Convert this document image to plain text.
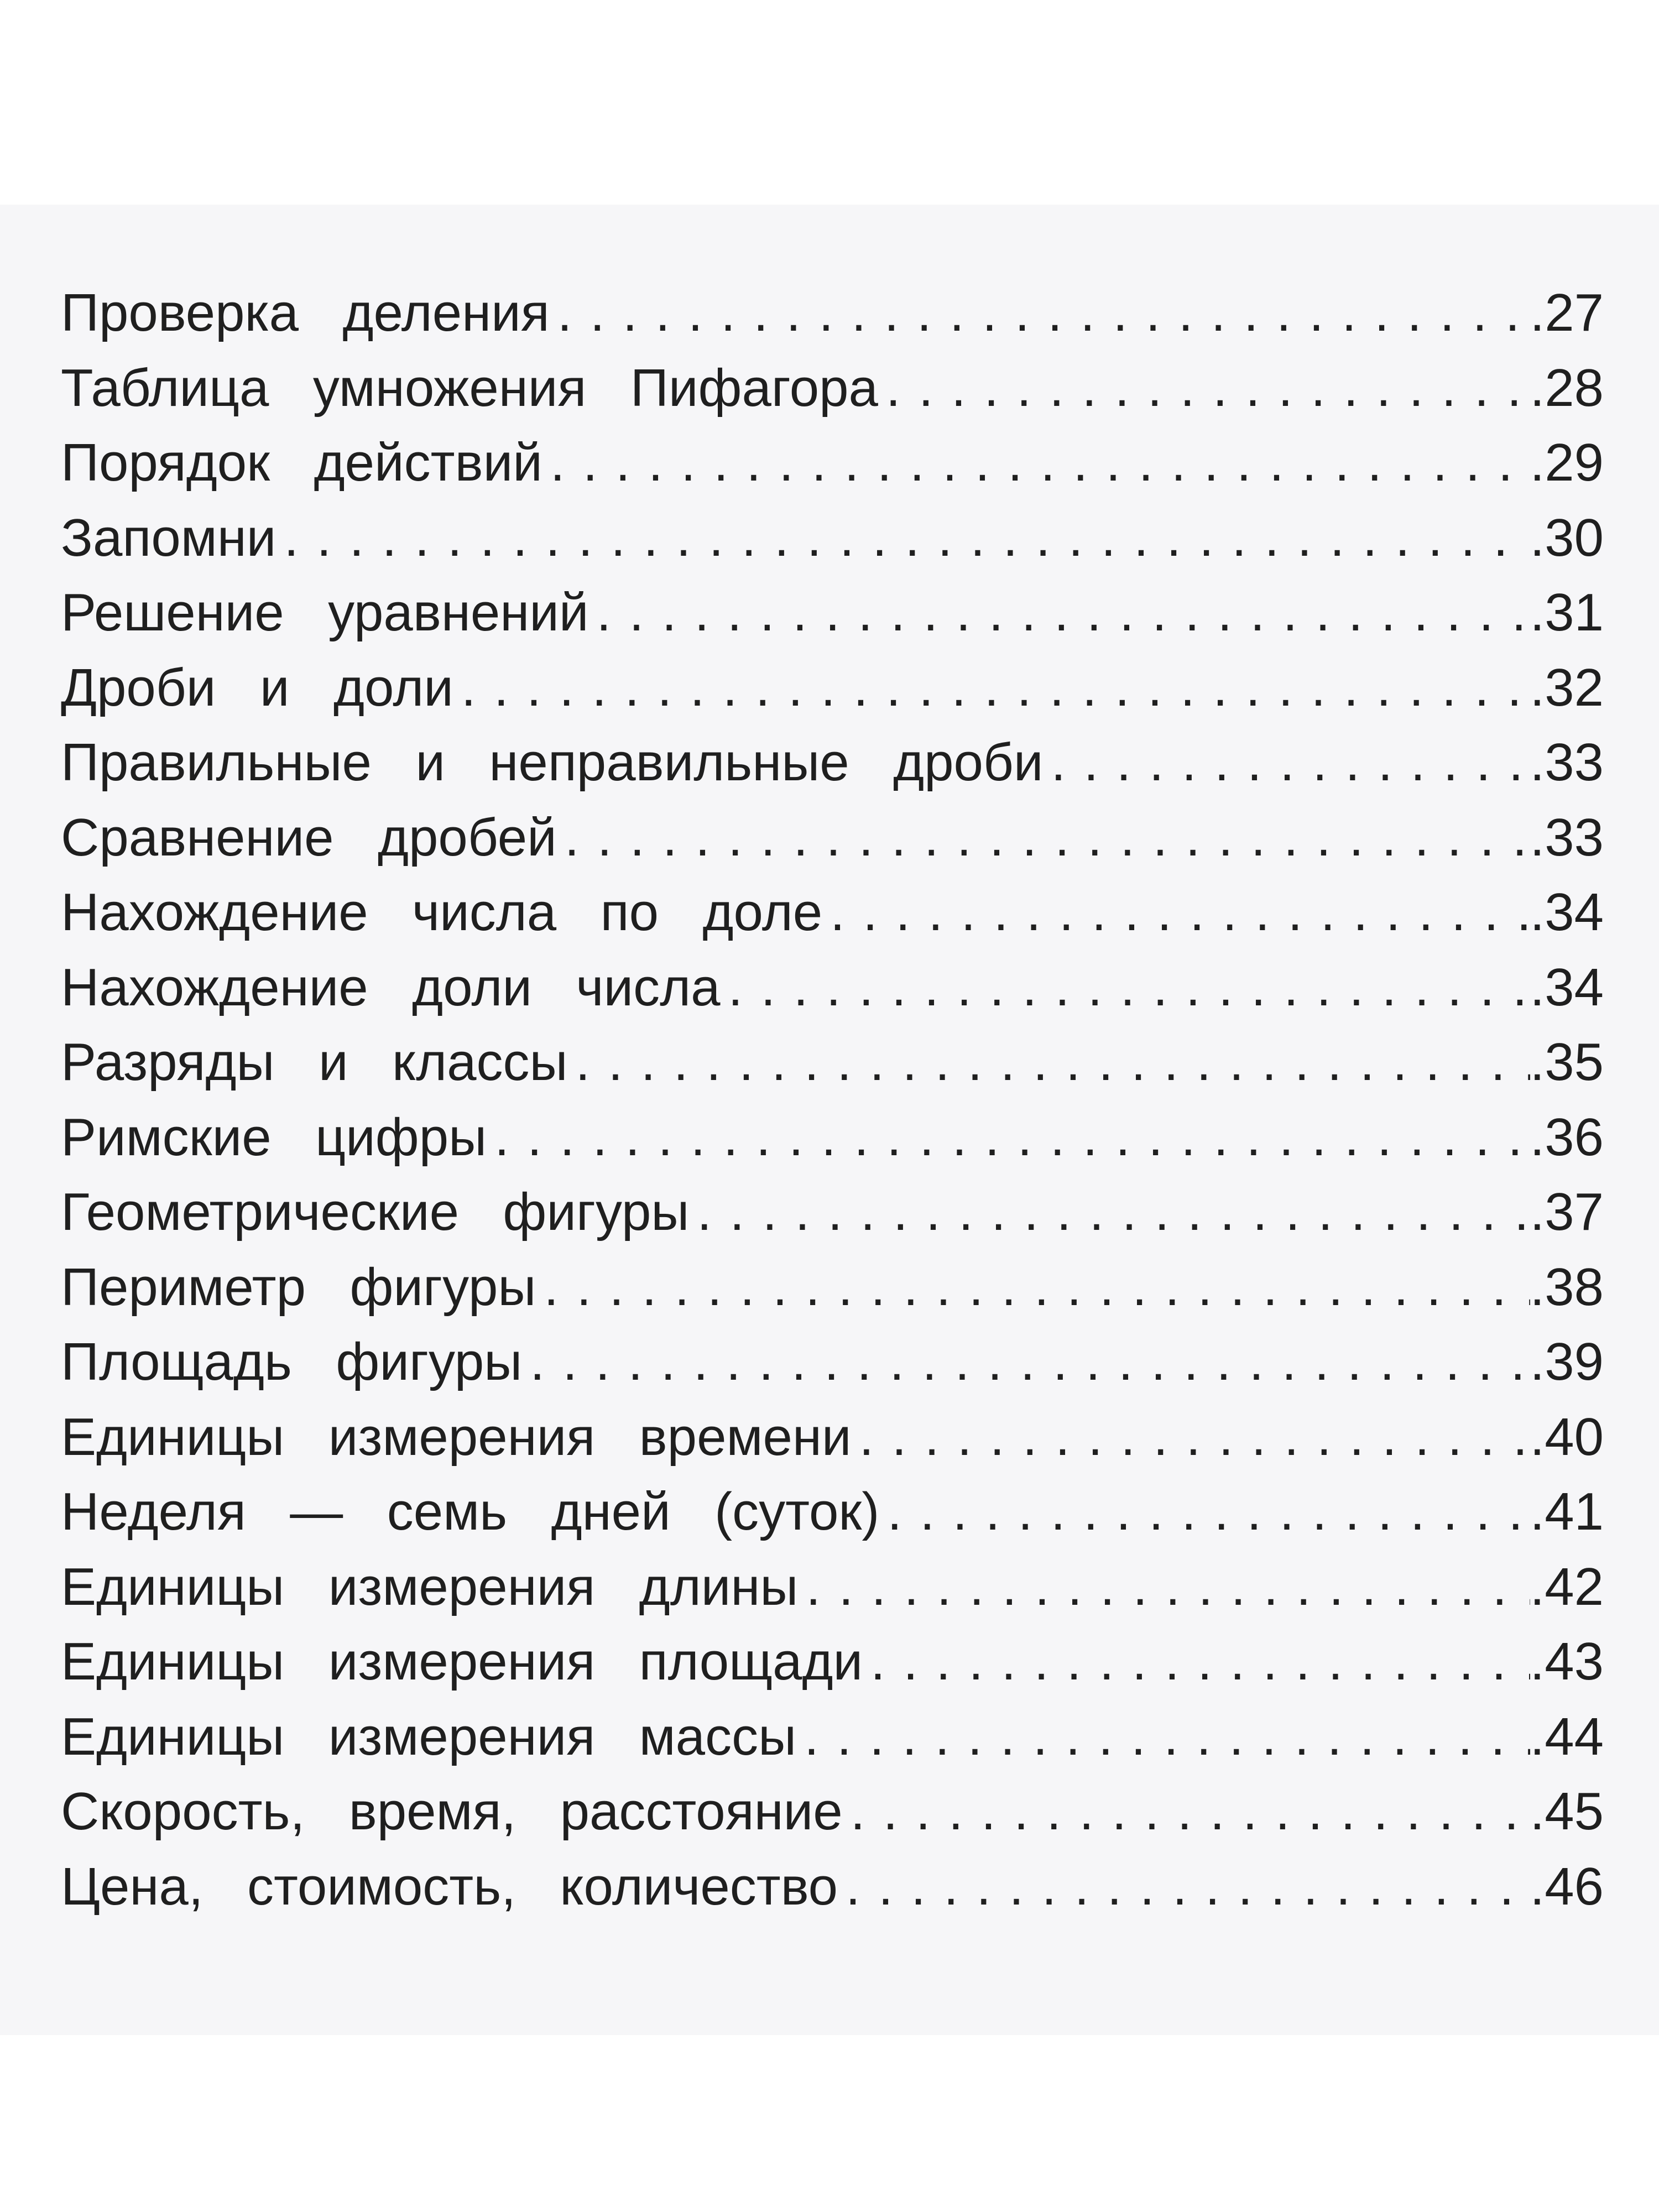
Проверка деления . . .	.27
Таблица умножения Пифагора . . .	.28
Порядок действий . . .	.29
Запомни . . .	.30
Решение уравнений . . .	.31
Дроби и доли . . .	.32
Правильные и неправильные дроби . . .	.33
Сравнение дробей . . .	.33
Нахождение числа по доле . . .	.34
Нахождение доли числа . . .	.34
Разряды и классы . . .	.35
Римские цифры . . .	.36
Геометрические фигуры . . .	.37
Периметр фигуры . . .	.38
Площадь фигуры . . .	.39
Единицы измерения времени . . .	.40
Неделя — семь дней (суток) . . .	.41
Единицы измерения длины . . .	.42
Единицы измерения площади . . .	.43
Единицы измерения массы . . .	.44
Скорость, время, расстояние . . .	.45
Цена, стоимость, количество . . .	.46
